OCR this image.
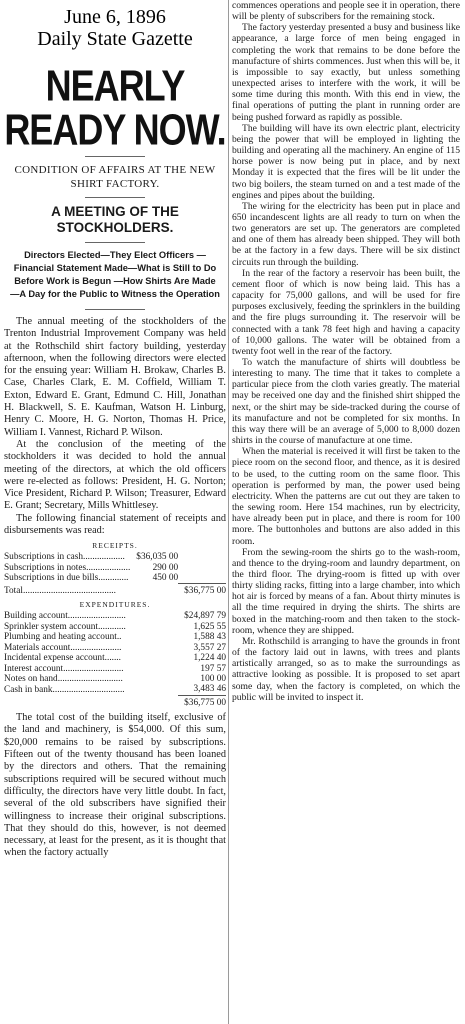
June 6, 1896
Daily State Gazette
NEARLY READY NOW.
CONDITION OF AFFAIRS AT THE NEW SHIRT FACTORY.
A MEETING OF THE STOCKHOLDERS.
Directors Elected—They Elect Officers —Financial Statement Made—What is Still to Do Before Work is Begun —How Shirts Are Made—A Day for the Public to Witness the Operation

The annual meeting of the stockholders of the Trenton Industrial Improvement Company was held at the Rothschild shirt factory building, yesterday afternoon, when the following directors were elected for the ensuing year: William H. Brokaw, Charles B. Case, Charles Clark, E. M. Coffield, William T. Exton, Edward E. Grant, Edmund C. Hill, Jonathan H. Blackwell, S. E. Kaufman, Watson H. Linburg, Henry C. Moore, H. G. Norton, Thomas H. Price, William I. Vannest, Richard P. Wilson.

At the conclusion of the meeting of the stockholders it was decided to hold the annual meeting of the directors, at which the old officers were re-elected as follows: President, H. G. Norton; Vice President, Richard P. Wilson; Treasurer, Edward E. Grant; Secretary, Mills Whittlesey.

The following financial statement of receipts and disbursements was read:

RECEIPTS.
Subscriptions in cash..................	$36,035 00	
Subscriptions in notes...................	290 00	
Subscriptions in due bills.............	450 00	
Total........................................		$36,775 00
EXPENDITURES.
Building account.........................	$24,897 79
Sprinkler system account............	1,625 55
Plumbing and heating account..	1,588 43
Materials account......................	3,557 27
Incidental expense account.......	1,224 40
Interest account..........................	197 57
Notes on hand............................	100 00
Cash in bank...............................	3,483 46
	$36,775 00

The total cost of the building itself, exclusive of the land and machinery, is $54,000. Of this sum, $20,000 remains to be raised by subscriptions. Fifteen out of the twenty thousand has been loaned by the directors and others. That the remaining subscriptions required will be secured without much difficulty, the directors have very little doubt. In fact, several of the old subscribers have signified their willingness to increase their original subscriptions. That they should do this, however, is not deemed necessary, at least for the present, as it is thought that when the factory actually

commences operations and people see it in operation, there will be plenty of subscribers for the remaining stock.

The factory yesterday presented a busy and business like appearance, a large force of men being engaged in completing the work that remains to be done before the manufacture of shirts commences. Just when this will be, it is impossible to say exactly, but unless something unexpected arises to interfere with the work, it will be some time during this month. With this end in view, the final operations of putting the plant in running order are being pushed forward as rapidly as possible.

The building will have its own electric plant, electricity being the power that will be employed in lighting the building and operating all the machinery. An engine of 115 horse power is now being put in place, and by next Monday it is expected that the fires will be lit under the two big boilers, the steam turned on and a test made of the engines and pipes about the building.

The wiring for the electricity has been put in place and 650 incandescent lights are all ready to turn on when the two generators are set up. The generators are completed and one of them has already been shipped. They will both be at the factory in a few days. There will be six distinct circuits run through the building.

In the rear of the factory a reservoir has been built, the cement floor of which is now being laid. This has a capacity for 75,000 gallons, and will be used for fire purposes exclusively, feeding the sprinklers in the building and the fire plugs surrounding it. The reservoir will be connected with a tank 78 feet high and having a capacity of 10,000 gallons. The water will be obtained from a twenty foot well in the rear of the factory.

To watch the manufacture of shirts will doubtless be interesting to many. The time that it takes to complete a particular piece from the cloth varies greatly. The material may be received one day and the finished shirt shipped the next, or the shirt may be side-tracked during the course of its manufacture and not be completed for six months. In this way there will be an average of 5,000 to 8,000 dozen shirts in the course of manufacture at one time.

When the material is received it will first be taken to the piece room on the second floor, and thence, as it is desired to be used, to the cutting room on the same floor. This operation is performed by man, the power used being electricity. When the patterns are cut out they are taken to the sewing room. Here 154 machines, run by electricity, have already been put in place, and there is room for 100 more. The buttonholes and buttons are also added in this room.

From the sewing-room the shirts go to the wash-room, and thence to the drying-room and laundry department, on the third floor. The drying-room is fitted up with over thirty sliding racks, fitting into a large chamber, into which hot air is forced by means of a fan. About thirty minutes is all the time required in drying the shirts. The shirts are boxed in the matching-room and then taken to the stock-room, whence they are shipped.

Mr. Rothschild is arranging to have the grounds in front of the factory laid out in lawns, with trees and plants artistically arranged, so as to make the surroundings as attractive looking as possible. It is proposed to set apart some day, when the factory is completed, on which the public will be invited to inspect it.
